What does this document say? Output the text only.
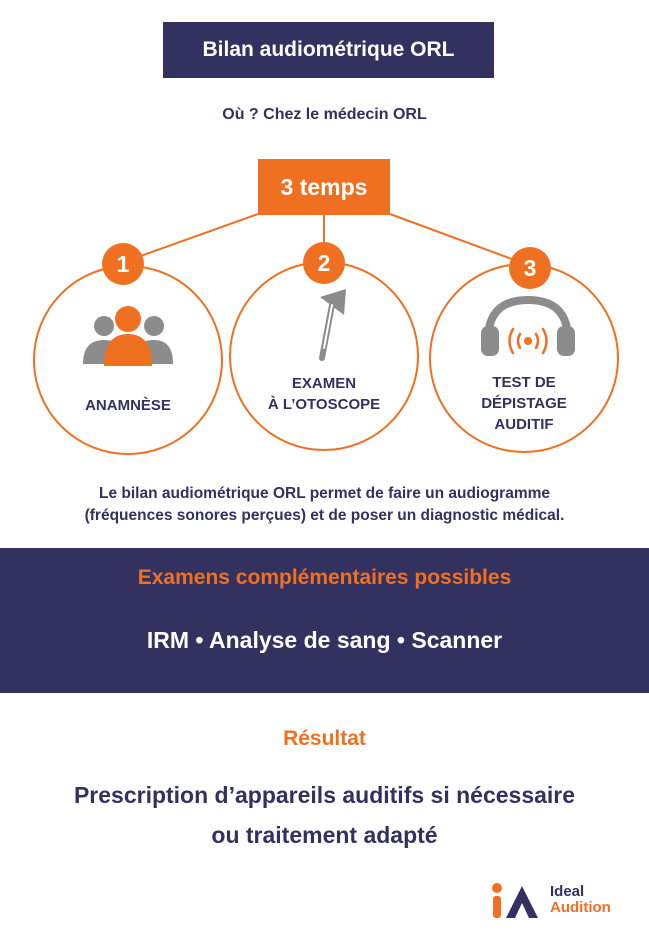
Bilan audiométrique ORL
Où ? Chez le médecin ORL
3 temps
1	2	3
ANAMNÈSE
EXAMEN
À L’OTOSCOPE
TEST DE
DÉPISTAGE
AUDITIF
Le bilan audiométrique ORL permet de faire un audiogramme
(fréquences sonores perçues) et de poser un diagnostic médical.
Examens complémentaires possibles
IRM • Analyse de sang • Scanner
Résultat
Prescription d’appareils auditifs si nécessaire
ou traitement adapté
Ideal
Audition
